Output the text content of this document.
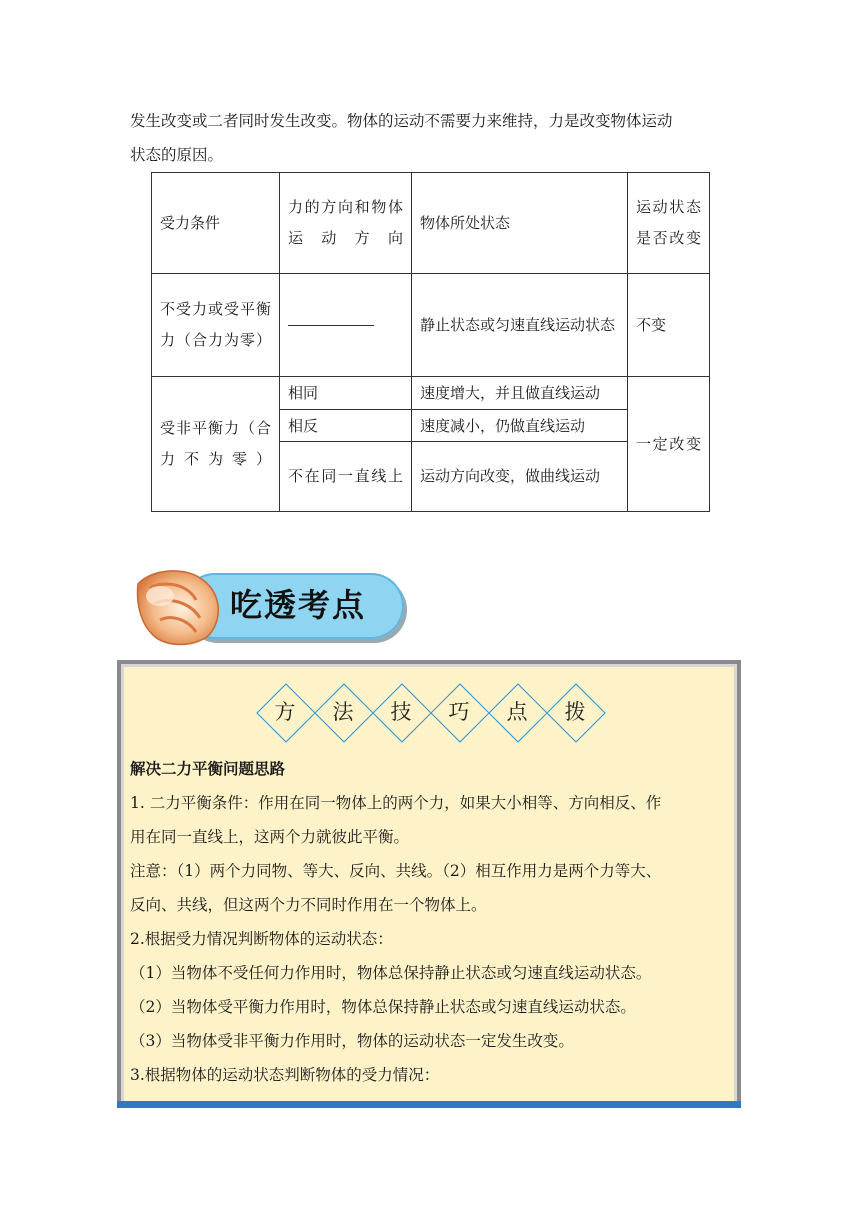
发生改变或二者同时发生改变。物体的运动不需要力来维持，力是改变物体运动

状态的原因。

受力条件	力的方向和物体运动方向	物体所处状态	运动状态是否改变
不受力或受平衡力（合力为零）		静止状态或匀速直线运动状态	不变
受非平衡力（合力不为零）	相同	速度增大，并且做直线运动	一定改变
	相反	速度减小，仍做直线运动	
	不在同一直线上	运动方向改变，做曲线运动	
吃透考点
方	法	技	巧	点	拨

解决二力平衡问题思路

1. 二力平衡条件：作用在同一物体上的两个力，如果大小相等、方向相反、作

用在同一直线上，这两个力就彼此平衡。

注意：（1）两个力同物、等大、反向、共线。（2）相互作用力是两个力等大、

反向、共线，但这两个力不同时作用在一个物体上。

2.根据受力情况判断物体的运动状态：

（1）当物体不受任何力作用时，物体总保持静止状态或匀速直线运动状态。

（2）当物体受平衡力作用时，物体总保持静止状态或匀速直线运动状态。

（3）当物体受非平衡力作用时，物体的运动状态一定发生改变。

3.根据物体的运动状态判断物体的受力情况：
